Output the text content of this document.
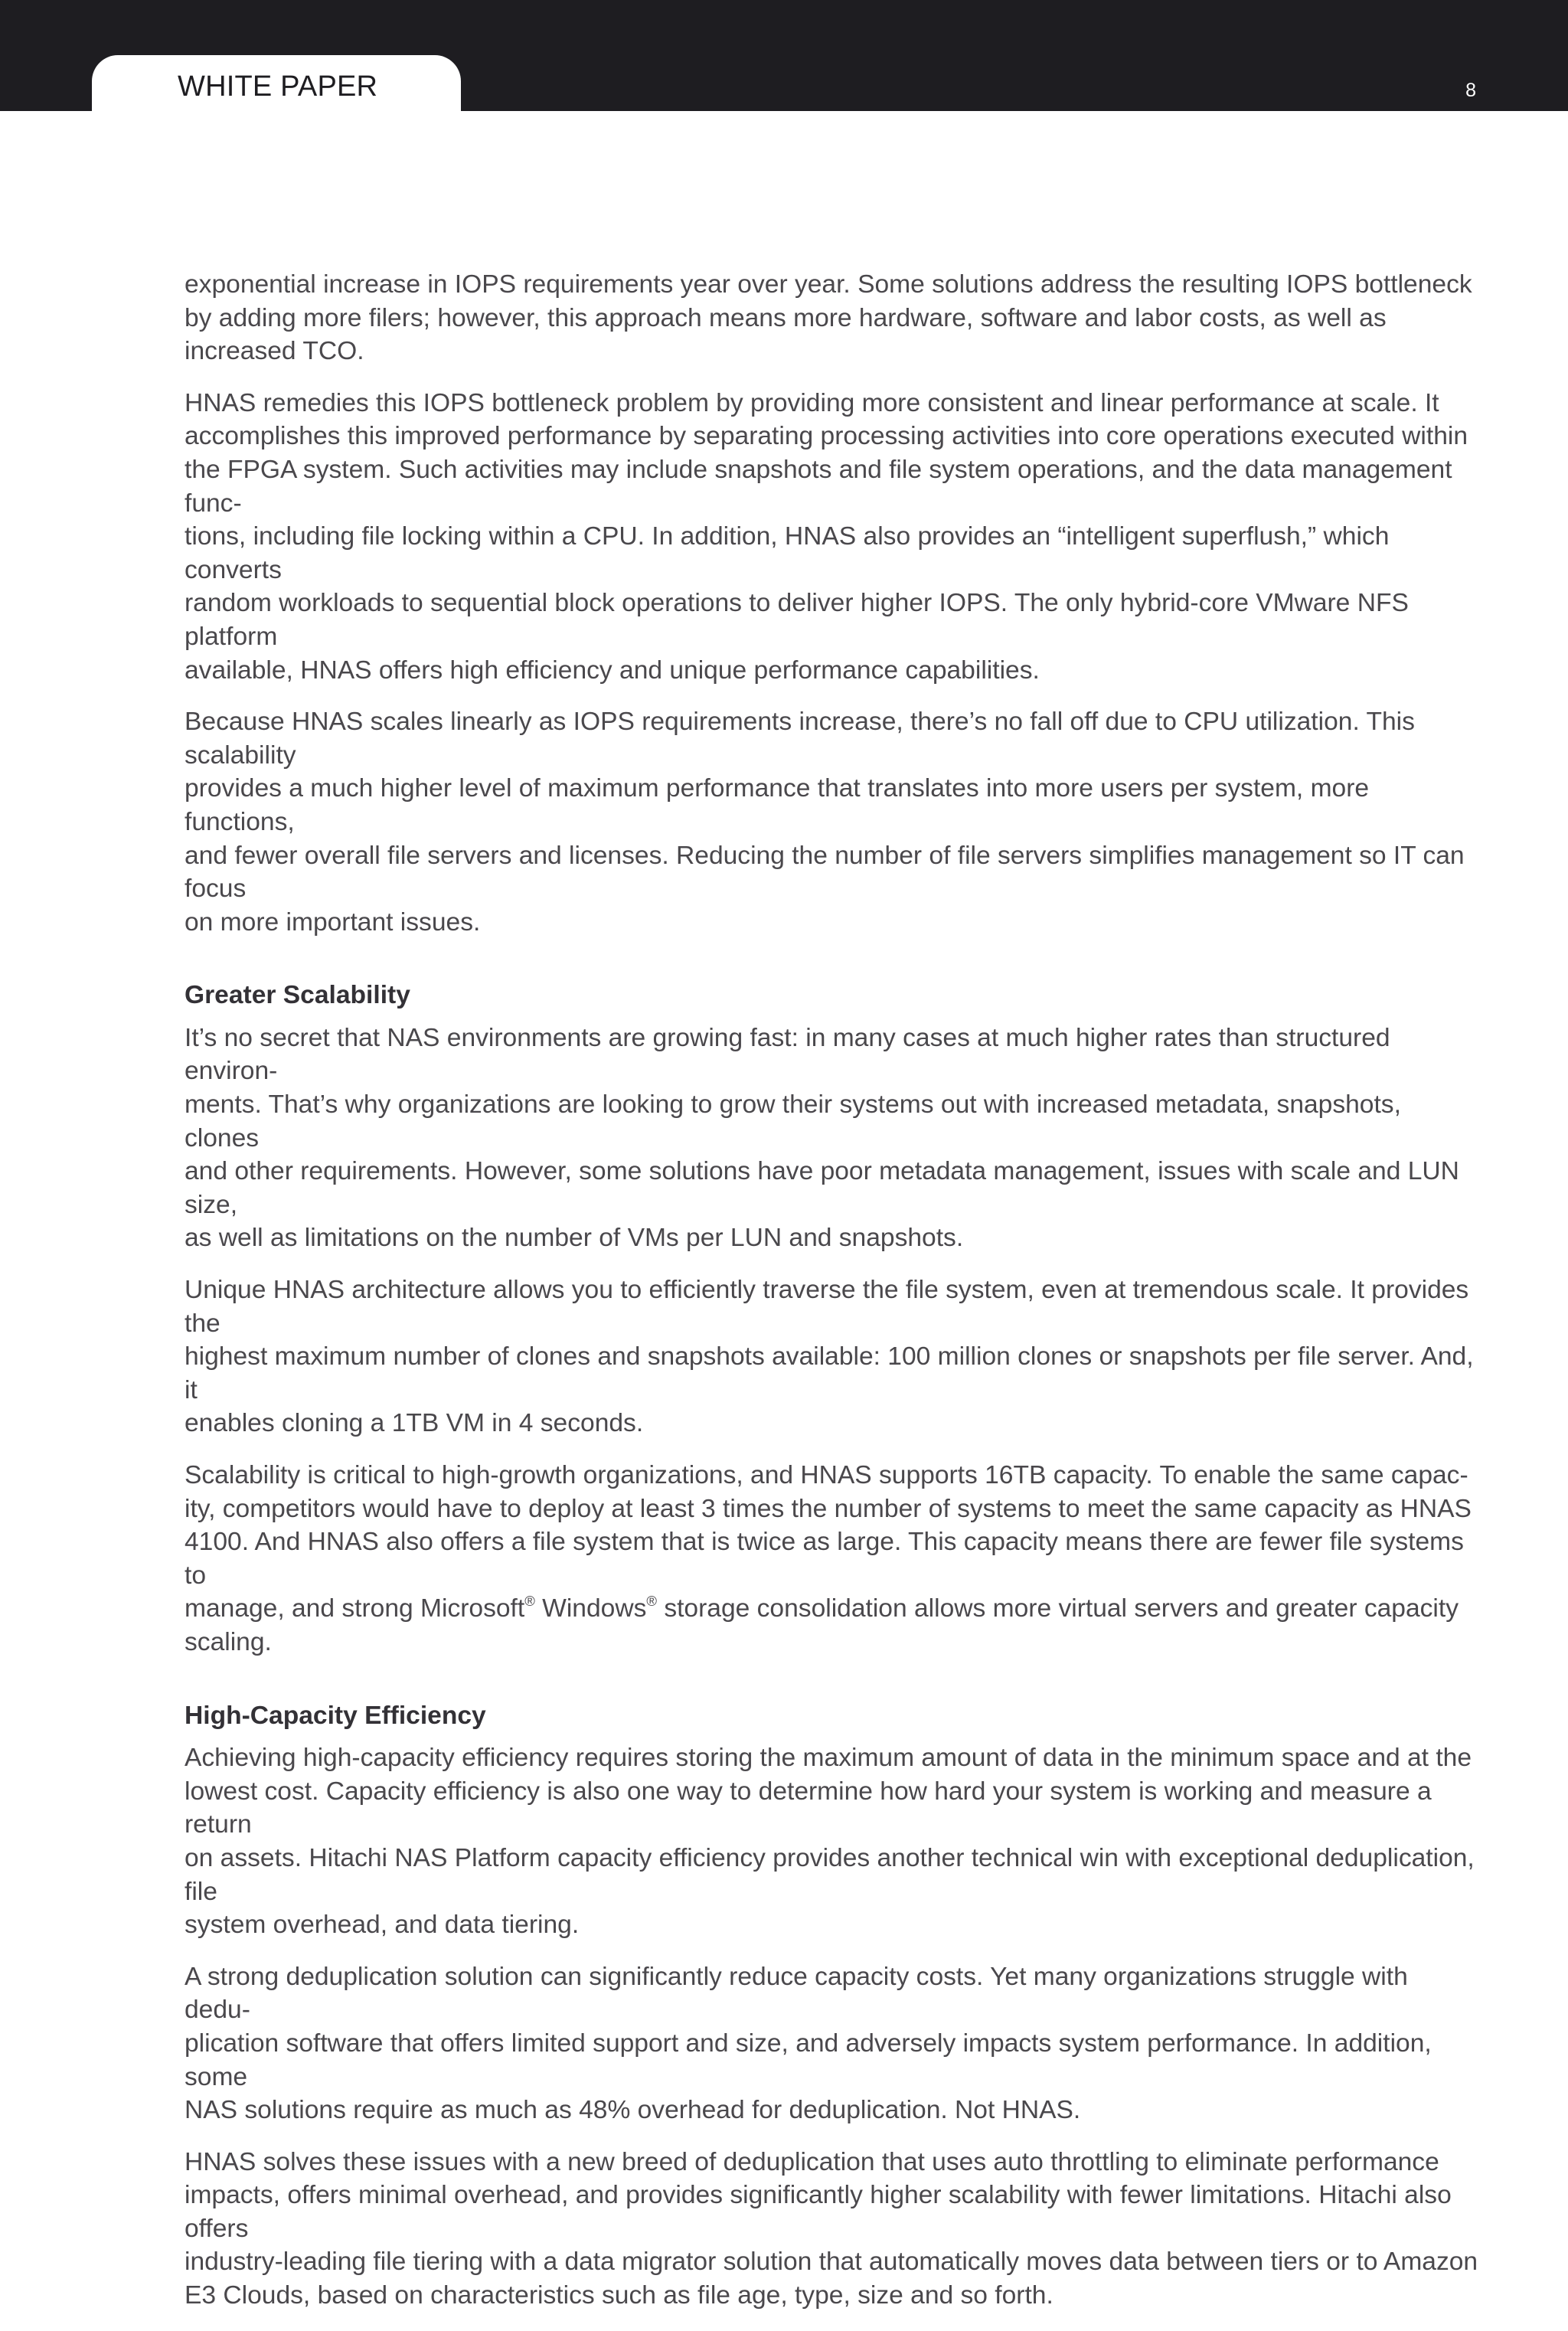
WHITE PAPER	8

exponential increase in IOPS requirements year over year. Some solutions address the resulting IOPS bottleneck
by adding more filers; however, this approach means more hardware, software and labor costs, as well as
increased TCO.

HNAS remedies this IOPS bottleneck problem by providing more consistent and linear performance at scale. It
accomplishes this improved performance by separating processing activities into core operations executed within
the FPGA system. Such activities may include snapshots and file system operations, and the data management func-
tions, including file locking within a CPU. In addition, HNAS also provides an “intelligent superflush,” which converts
random workloads to sequential block operations to deliver higher IOPS. The only hybrid-core VMware NFS platform
available, HNAS offers high efficiency and unique performance capabilities.

Because HNAS scales linearly as IOPS requirements increase, there’s no fall off due to CPU utilization. This scalability
provides a much higher level of maximum performance that translates into more users per system, more functions,
and fewer overall file servers and licenses. Reducing the number of file servers simplifies management so IT can focus
on more important issues.

Greater Scalability

It’s no secret that NAS environments are growing fast: in many cases at much higher rates than structured environ-
ments. That’s why organizations are looking to grow their systems out with increased metadata, snapshots, clones
and other requirements. However, some solutions have poor metadata management, issues with scale and LUN size,
as well as limitations on the number of VMs per LUN and snapshots.

Unique HNAS architecture allows you to efficiently traverse the file system, even at tremendous scale. It provides the
highest maximum number of clones and snapshots available: 100 million clones or snapshots per file server. And, it
enables cloning a 1TB VM in 4 seconds.

Scalability is critical to high-growth organizations, and HNAS supports 16TB capacity. To enable the same capac-
ity, competitors would have to deploy at least 3 times the number of systems to meet the same capacity as HNAS
4100. And HNAS also offers a file system that is twice as large. This capacity means there are fewer file systems to
manage, and strong Microsoft® Windows® storage consolidation allows more virtual servers and greater capacity
scaling.

High-Capacity Efficiency

Achieving high-capacity efficiency requires storing the maximum amount of data in the minimum space and at the
lowest cost. Capacity efficiency is also one way to determine how hard your system is working and measure a return
on assets. Hitachi NAS Platform capacity efficiency provides another technical win with exceptional deduplication, file
system overhead, and data tiering.

A strong deduplication solution can significantly reduce capacity costs. Yet many organizations struggle with dedu-
plication software that offers limited support and size, and adversely impacts system performance. In addition, some
NAS solutions require as much as 48% overhead for deduplication. Not HNAS.

HNAS solves these issues with a new breed of deduplication that uses auto throttling to eliminate performance
impacts, offers minimal overhead, and provides significantly higher scalability with fewer limitations. Hitachi also offers
industry-leading file tiering with a data migrator solution that automatically moves data between tiers or to Amazon
E3 Clouds, based on characteristics such as file age, type, size and so forth.
